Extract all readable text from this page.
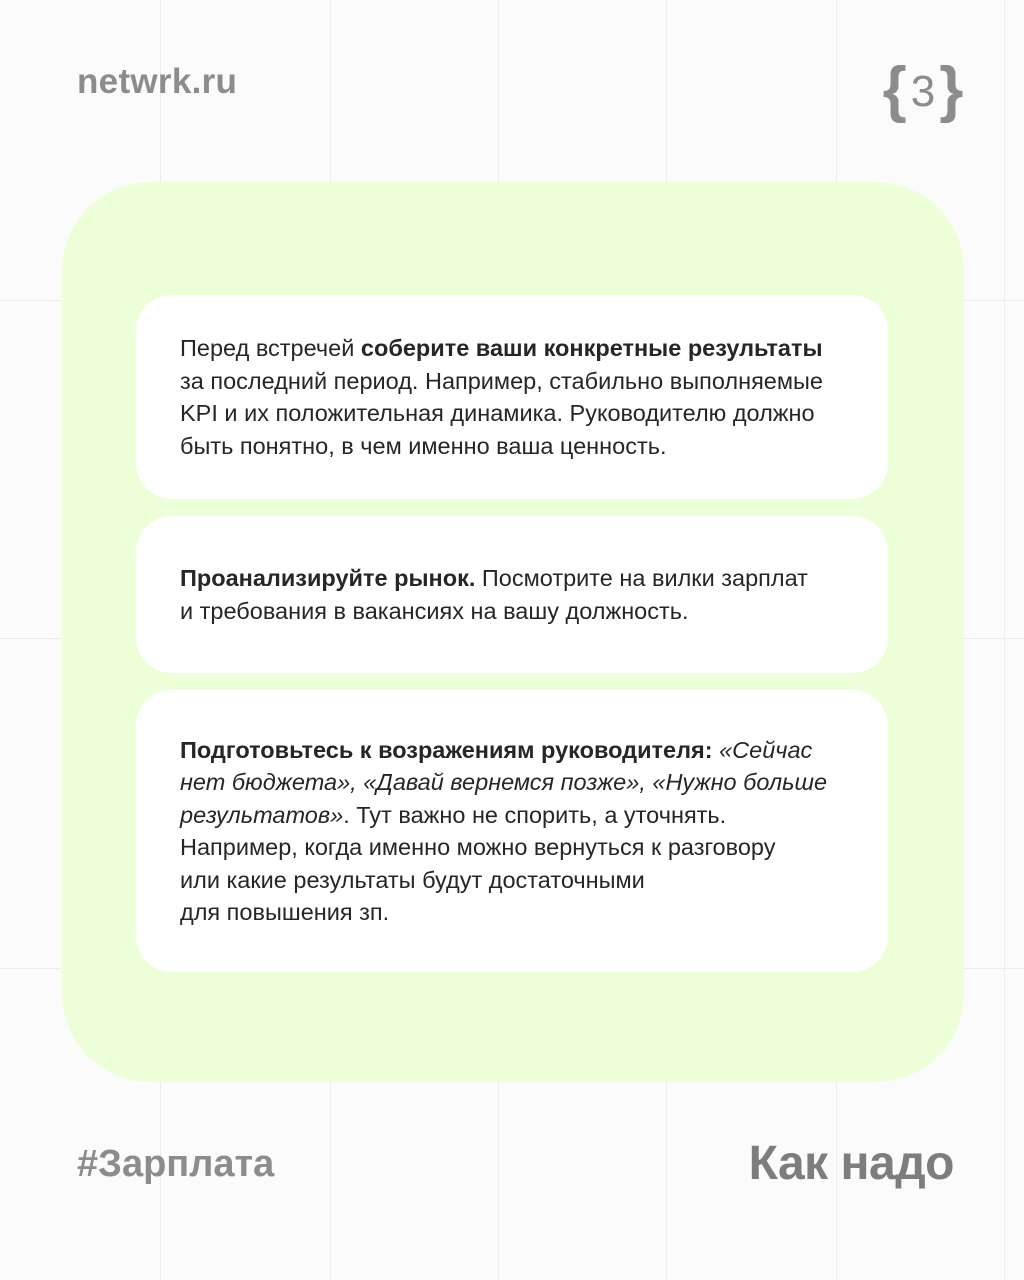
netwrk.ru	{ 3 }

Перед встречей соберите ваши конкретные результаты
за последний период. Например, стабильно выполняемые KPI и их положительная динамика. Руководителю должно быть понятно, в чем именно ваша ценность.

Проанализируйте рынок. Посмотрите на вилки зарплат
и требования в вакансиях на вашу должность.

Подготовьтесь к возражениям руководителя: «Сейчас нет бюджета», «Давай вернемся позже», «Нужно больше результатов». Тут важно не спорить, а уточнять.
Например, когда именно можно вернуться к разговору
или какие результаты будут достаточными
для повышения зп.

#Зарплата	Как надо
